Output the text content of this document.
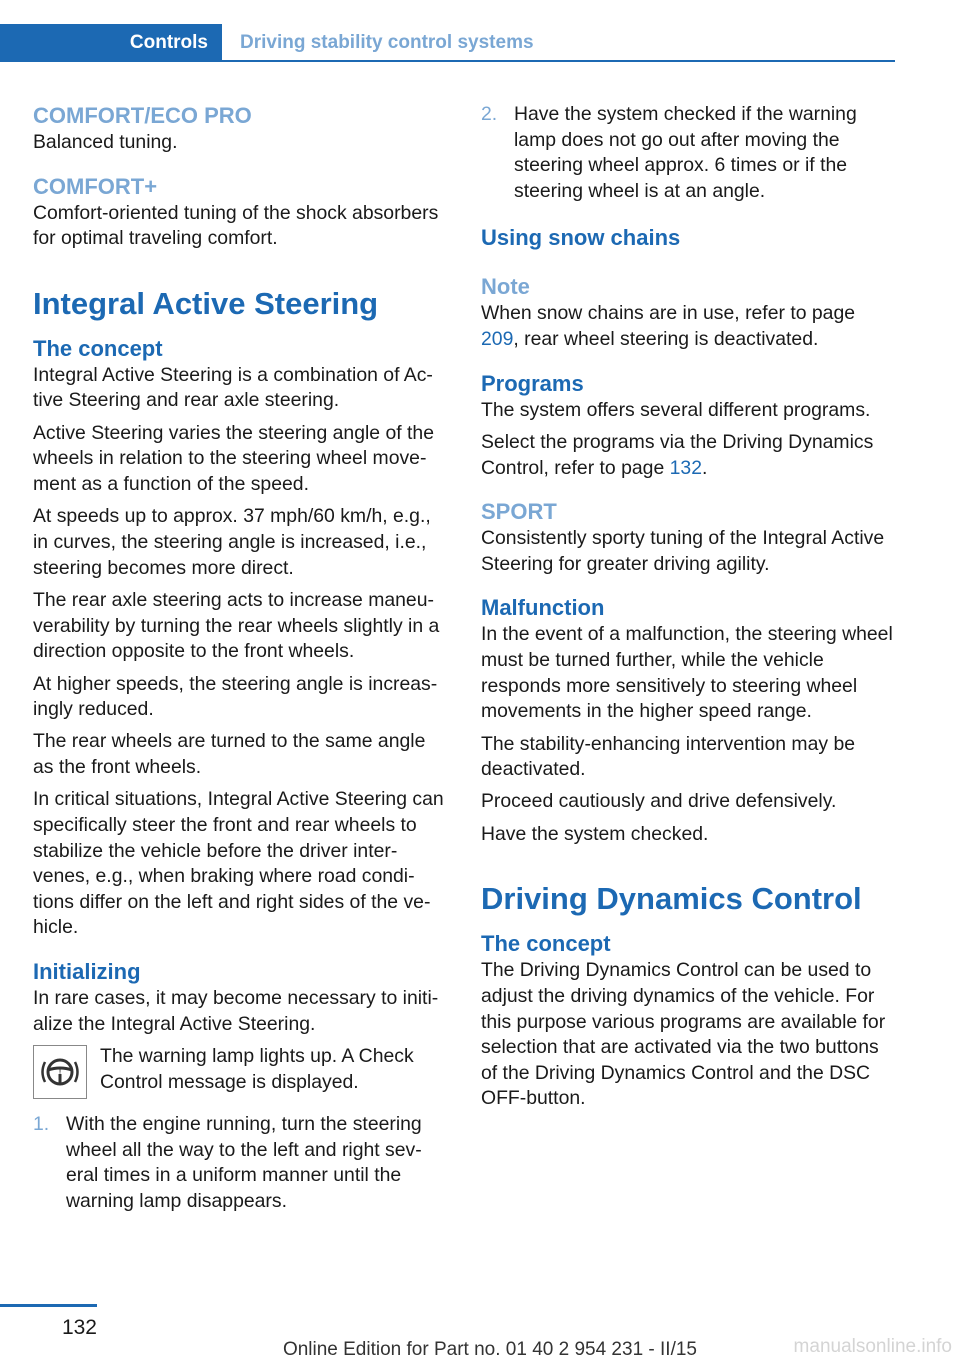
Controls	Driving stability control systems
COMFORT/ECO PRO

Balanced tuning.

COMFORT+

Comfort-oriented tuning of the shock absorbers for optimal traveling comfort.

Integral Active Steering
The concept

Integral Active Steering is a combination of Active Steering and rear axle steering.

Active Steering varies the steering angle of the wheels in relation to the steering wheel movement as a function of the speed.

At speeds up to approx. 37 mph/60 km/h, e.g., in curves, the steering angle is increased, i.e., steering becomes more direct.

The rear axle steering acts to increase maneuverability by turning the rear wheels slightly in a direction opposite to the front wheels.

At higher speeds, the steering angle is increasingly reduced.

The rear wheels are turned to the same angle as the front wheels.

In critical situations, Integral Active Steering can specifically steer the front and rear wheels to stabilize the vehicle before the driver intervenes, e.g., when braking where road conditions differ on the left and right sides of the vehicle.

Initializing

In rare cases, it may become necessary to initialize the Integral Active Steering.

!
The warning lamp lights up. A Check Control message is displayed.
1. With the engine running, turn the steering wheel all the way to the left and right several times in a uniform manner until the warning lamp disappears.
2. Have the system checked if the warning lamp does not go out after moving the steering wheel approx. 6 times or if the steering wheel is at an angle.
Using snow chains
Note

When snow chains are in use, refer to page 209, rear wheel steering is deactivated.

Programs

The system offers several different programs.

Select the programs via the Driving Dynamics Control, refer to page 132.

SPORT

Consistently sporty tuning of the Integral Active Steering for greater driving agility.

Malfunction

In the event of a malfunction, the steering wheel must be turned further, while the vehicle responds more sensitively to steering wheel movements in the higher speed range.

The stability-enhancing intervention may be deactivated.

Proceed cautiously and drive defensively.

Have the system checked.

Driving Dynamics Control
The concept

The Driving Dynamics Control can be used to adjust the driving dynamics of the vehicle. For this purpose various programs are available for selection that are activated via the two buttons of the Driving Dynamics Control and the DSC OFF-button.

132
Online Edition for Part no. 01 40 2 954 231 - II/15	manualsonline.info
